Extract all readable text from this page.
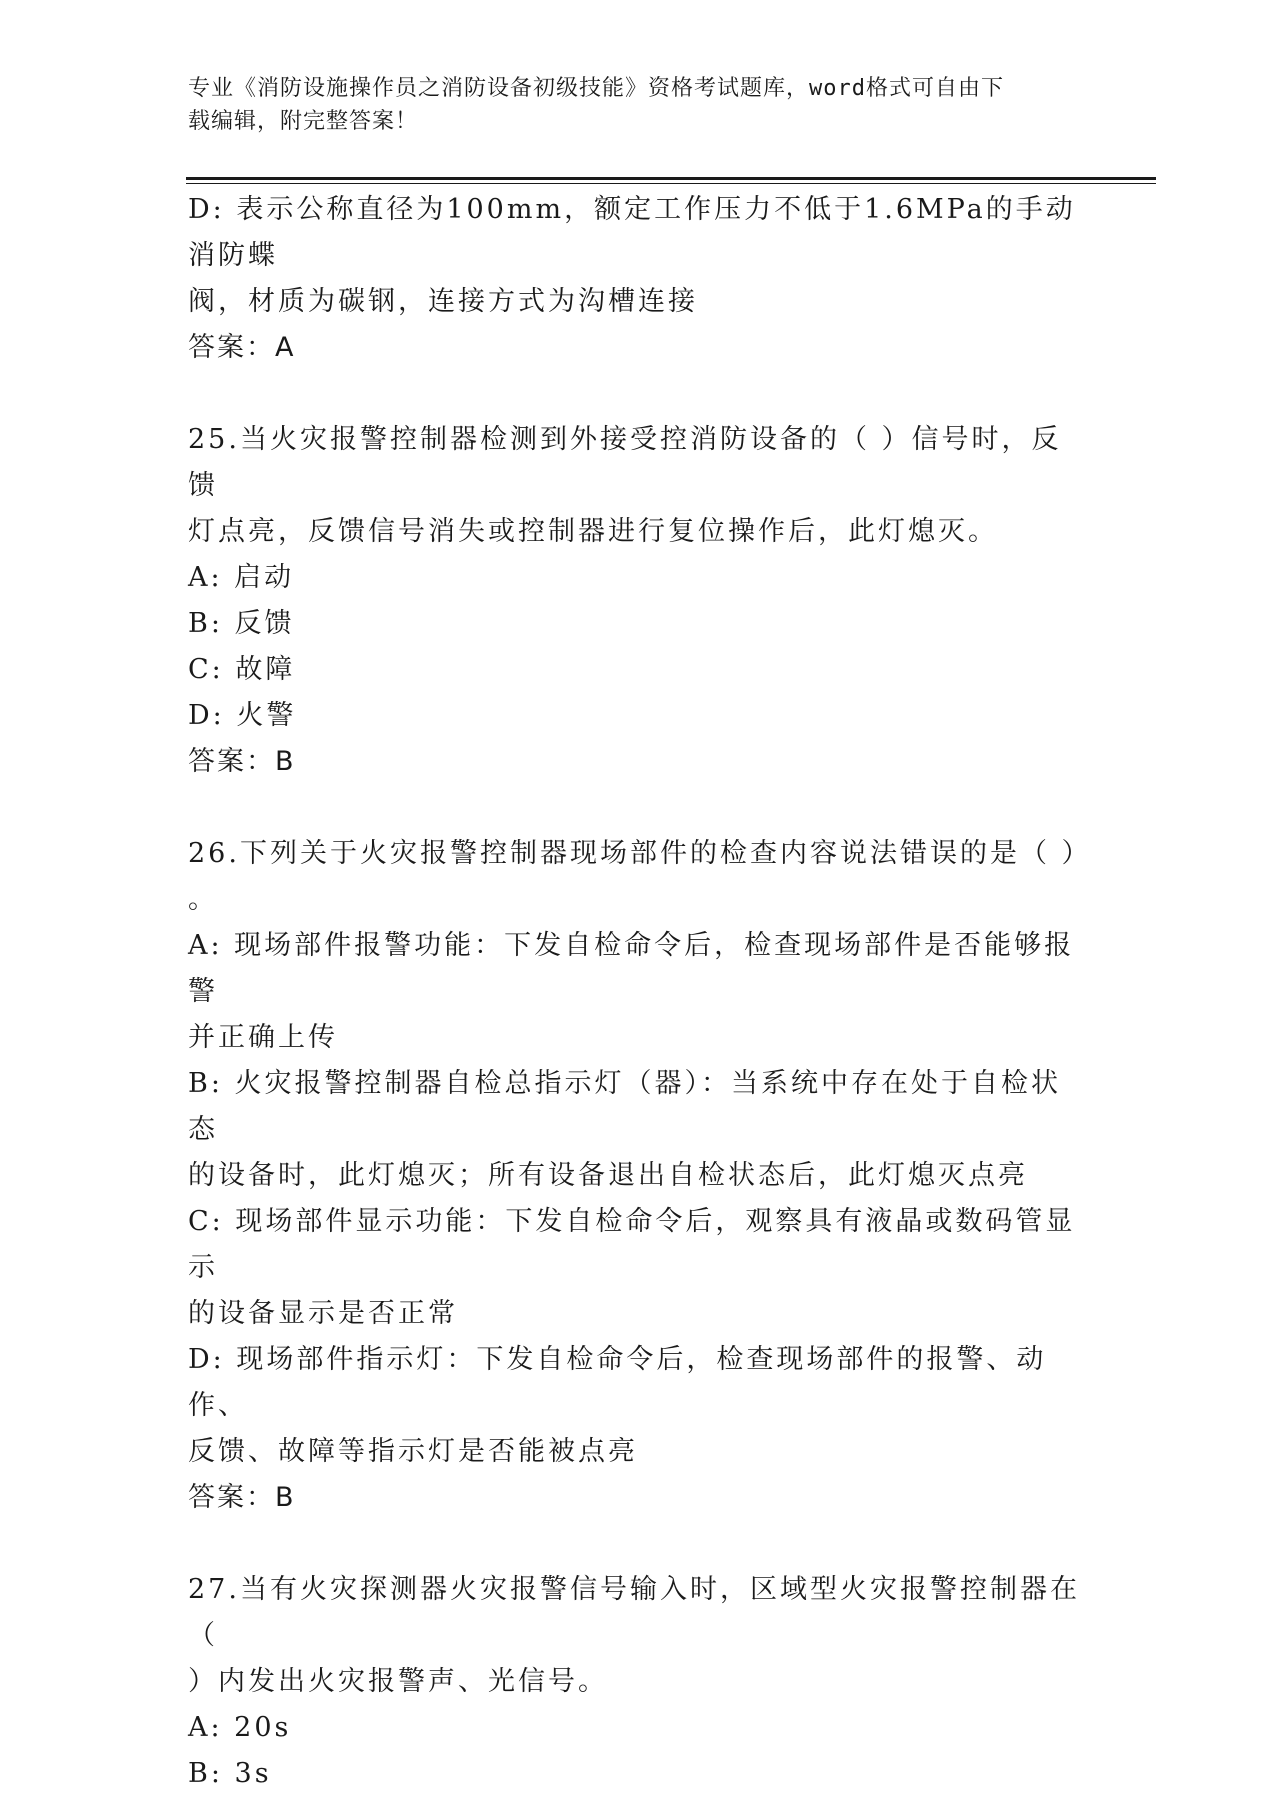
专业《消防设施操作员之消防设备初级技能》资格考试题库，word格式可自由下
载编辑，附完整答案！

D: 表示公称直径为100mm，额定工作压力不低于1.6MPa的手动消防蝶

阀，材质为碳钢，连接方式为沟槽连接

答案：A

25.当火灾报警控制器检测到外接受控消防设备的（ ）信号时，反馈

灯点亮，反馈信号消失或控制器进行复位操作后，此灯熄灭。

A: 启动

B: 反馈

C: 故障

D: 火警

答案：B

26.下列关于火灾报警控制器现场部件的检查内容说法错误的是（ ）

。

A: 现场部件报警功能：下发自检命令后，检查现场部件是否能够报警

并正确上传

B: 火灾报警控制器自检总指示灯（器）：当系统中存在处于自检状态

的设备时，此灯熄灭；所有设备退出自检状态后，此灯熄灭点亮

C: 现场部件显示功能：下发自检命令后，观察具有液晶或数码管显示

的设备显示是否正常

D: 现场部件指示灯：下发自检命令后，检查现场部件的报警、动作、

反馈、故障等指示灯是否能被点亮

答案：B

27.当有火灾探测器火灾报警信号输入时，区域型火灾报警控制器在（

）内发出火灾报警声、光信号。

A: 20s

B: 3s
